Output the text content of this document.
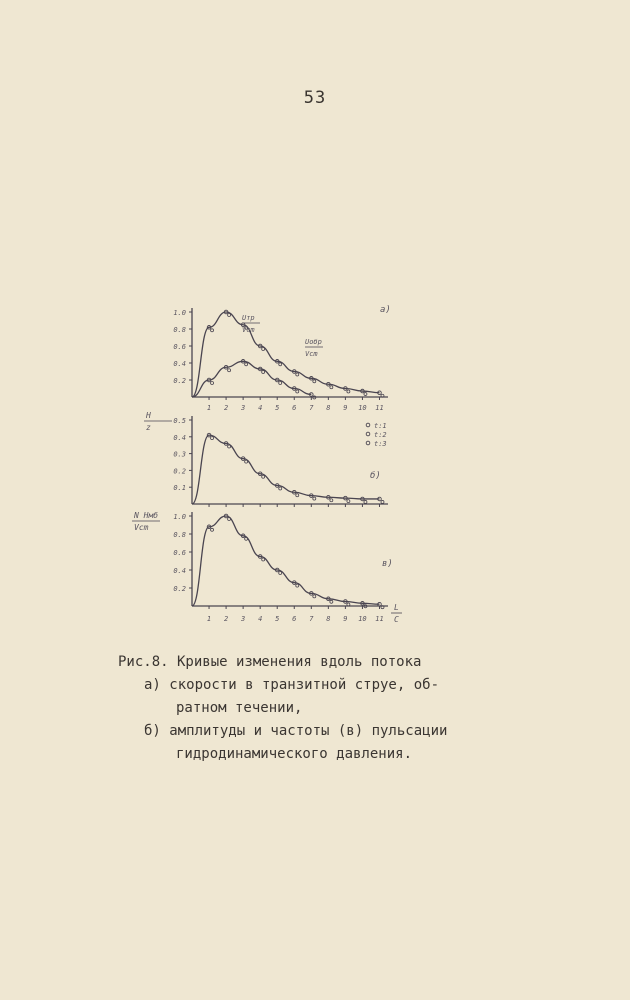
53
0.2
0.4
0.6
0.8
1.0
1 2 3 4 5 6 7 8 9 10 11
Uтр
Vcm
Uобр
Vcm
а)
0.1
0.2
0.3
0.4
0.5
б)
H
z	t:1
t:2
t:3
0.2
0.4
0.6
0.8
1.0
1 2 3 4 5 6 7 8 9 10 11
в)
N Hмб
Vcm
L
C
Рис.8. Кривые изменения вдоль потока
а) скорости в транзитной струе, об-
ратном течении,
б) амплитуды и частоты (в) пульсации
гидродинамического давления.
